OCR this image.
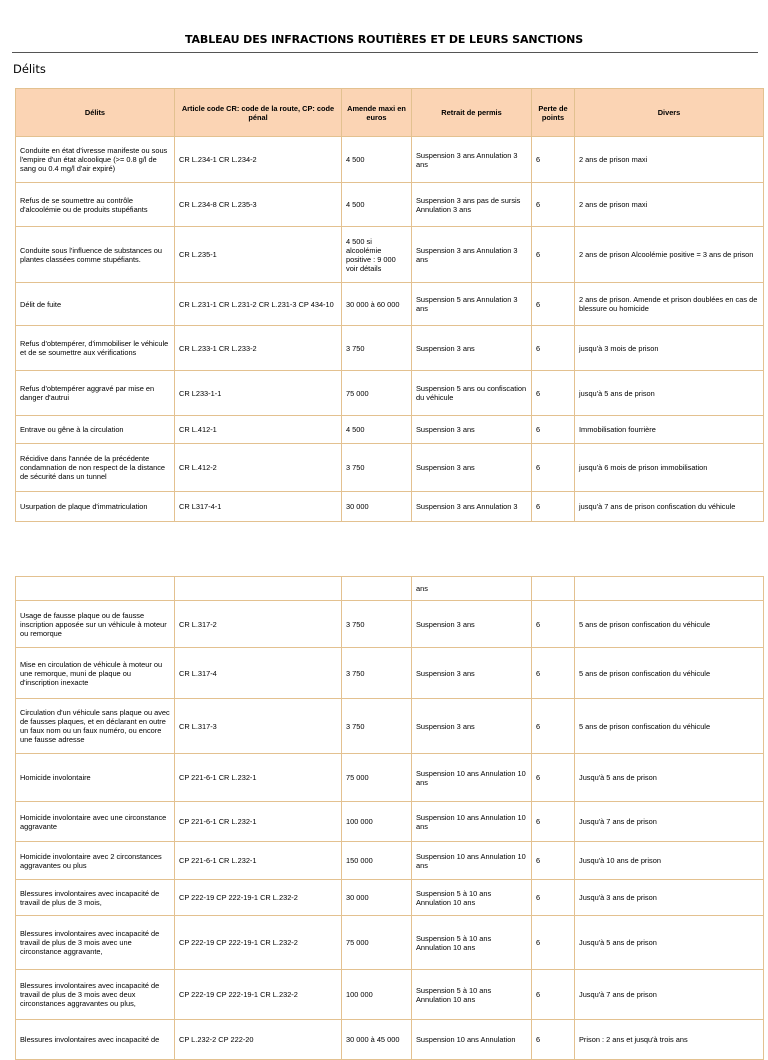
TABLEAU DES INFRACTIONS ROUTIÈRES ET DE LEURS SANCTIONS
Délits
Délits	Article code CR: code de la route, CP: code pénal	Amende maxi en euros	Retrait de permis	Perte de points	Divers
Conduite en état d'ivresse manifeste ou sous l'empire d'un état alcoolique (>= 0.8 g/l de sang ou 0.4 mg/l d'air expiré)	CR L.234-1 CR L.234-2	4 500	Suspension 3 ans Annulation 3 ans	6	2 ans de prison maxi
Refus de se soumettre au contrôle d'alcoolémie ou de produits stupéfiants	CR L.234-8 CR L.235-3	4 500	Suspension 3 ans pas de sursis Annulation 3 ans	6	2 ans de prison maxi
Conduite sous l'influence de substances ou plantes classées comme stupéfiants.	CR L.235-1	4 500 si alcoolémie positive : 9 000 voir détails	Suspension 3 ans Annulation 3 ans	6	2 ans de prison Alcoolémie positive = 3 ans de prison
Délit de fuite	CR L.231-1 CR L.231-2 CR L.231-3 CP 434-10	30 000 à 60 000	Suspension 5 ans Annulation 3 ans	6	2 ans de prison. Amende et prison doublées en cas de blessure ou homicide
Refus d'obtempérer, d'immobiliser le véhicule et de se soumettre aux vérifications	CR L.233-1 CR L.233-2	3 750	Suspension 3 ans	6	jusqu'à 3 mois de prison
Refus d'obtempérer aggravé par mise en danger d'autrui	CR L233-1-1	75 000	Suspension 5 ans ou confiscation du véhicule	6	jusqu'à 5 ans de prison
Entrave ou gêne à la circulation	CR L.412-1	4 500	Suspension 3 ans	6	Immobilisation fourrière
Récidive dans l'année de la précédente condamnation de non respect de la distance de sécurité dans un tunnel	CR L.412-2	3 750	Suspension 3 ans	6	jusqu'à 6 mois de prison immobilisation
Usurpation de plaque d'immatriculation	CR L317-4-1	30 000	Suspension 3 ans Annulation 3	6	jusqu'à 7 ans de prison confiscation du véhicule
			ans		
Usage de fausse plaque ou de fausse inscription apposée sur un véhicule à moteur ou remorque	CR L.317-2	3 750	Suspension 3 ans	6	5 ans de prison confiscation du véhicule
Mise en circulation de véhicule à moteur ou une remorque, muni de plaque ou d'inscription inexacte	CR L.317-4	3 750	Suspension 3 ans	6	5 ans de prison confiscation du véhicule
Circulation d'un véhicule sans plaque ou avec de fausses plaques, et en déclarant en outre un faux nom ou un faux numéro, ou encore une fausse adresse	CR L.317-3	3 750	Suspension 3 ans	6	5 ans de prison confiscation du véhicule
Homicide involontaire	CP 221-6-1 CR L.232-1	75 000	Suspension 10 ans Annulation 10 ans	6	Jusqu'à 5 ans de prison
Homicide involontaire avec une circonstance aggravante	CP 221-6-1 CR L.232-1	100 000	Suspension 10 ans Annulation 10 ans	6	Jusqu'à 7 ans de prison
Homicide involontaire avec 2 circonstances aggravantes ou plus	CP 221-6-1 CR L.232-1	150 000	Suspension 10 ans Annulation 10 ans	6	Jusqu'à 10 ans de prison
Blessures involontaires avec incapacité de travail de plus de 3 mois,	CP 222-19 CP 222-19-1 CR L.232-2	30 000	Suspension 5 à 10 ans Annulation 10 ans	6	Jusqu'à 3 ans de prison
Blessures involontaires avec incapacité de travail de plus de 3 mois avec une circonstance aggravante,	CP 222-19 CP 222-19-1 CR L.232-2	75 000	Suspension 5 à 10 ans Annulation 10 ans	6	Jusqu'à 5 ans de prison
Blessures involontaires avec incapacité de travail de plus de 3 mois avec deux circonstances aggravantes ou plus,	CP 222-19 CP 222-19-1 CR L.232-2	100 000	Suspension 5 à 10 ans Annulation 10 ans	6	Jusqu'à 7 ans de prison
Blessures involontaires avec incapacité de	CP L.232-2 CP 222-20	30 000 à 45 000	Suspension 10 ans Annulation	6	Prison : 2 ans et jusqu'à trois ans
